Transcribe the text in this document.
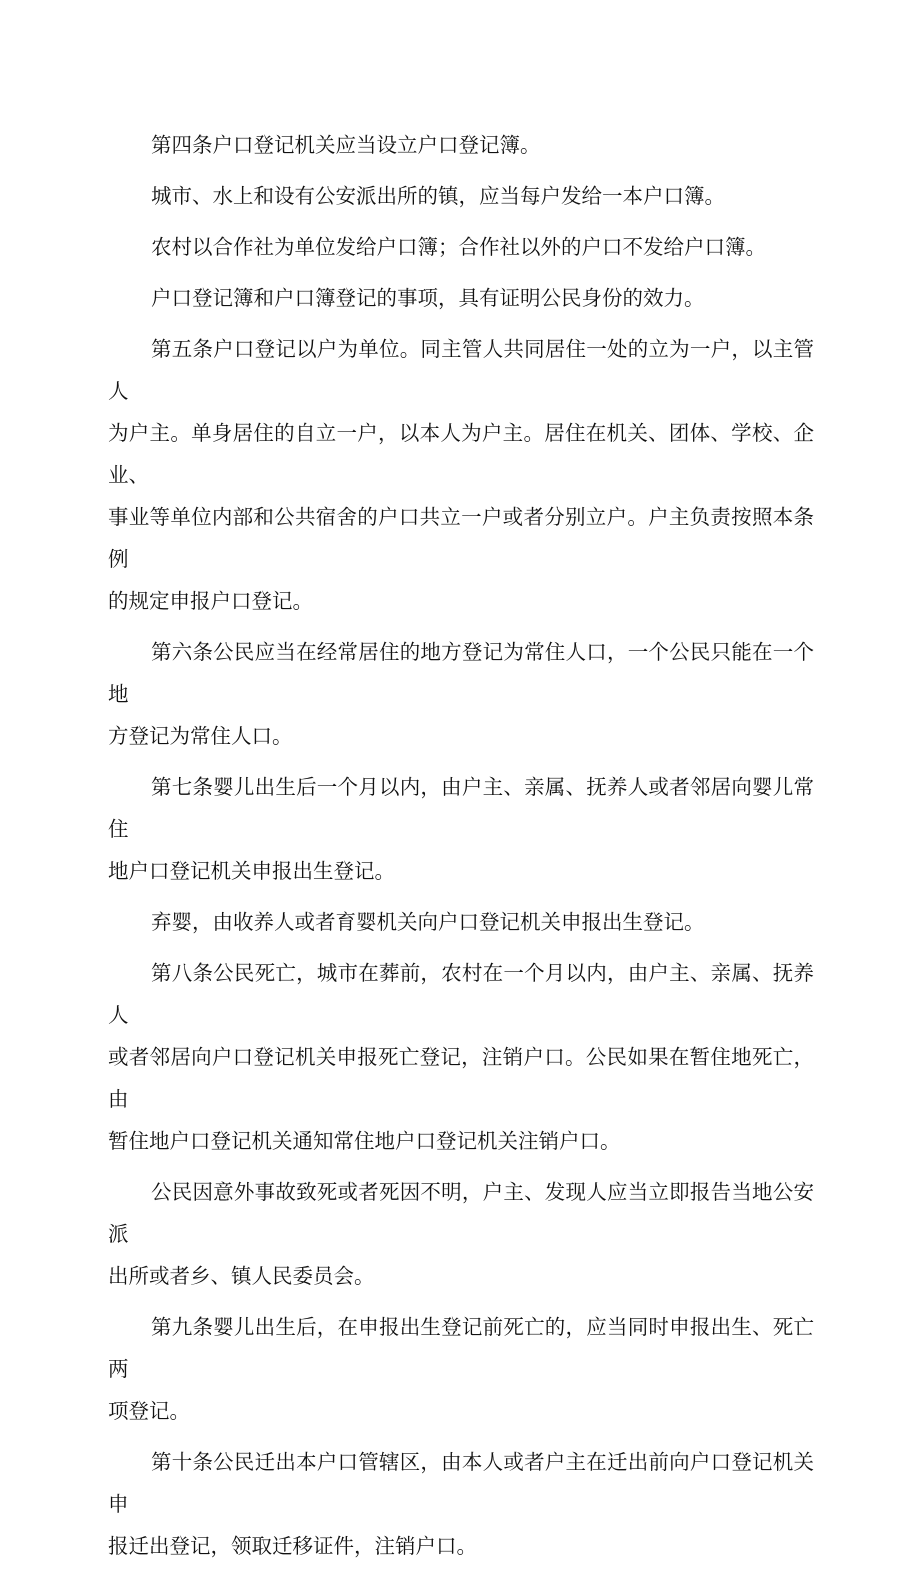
第四条户口登记机关应当设立户口登记簿。

城市、水上和设有公安派出所的镇，应当每户发给一本户口簿。

农村以合作社为单位发给户口簿；合作社以外的户口不发给户口簿。

户口登记簿和户口簿登记的事项，具有证明公民身份的效力。

第五条户口登记以户为单位。同主管人共同居住一处的立为一户，以主管人
为户主。单身居住的自立一户，以本人为户主。居住在机关、团体、学校、企业、
事业等单位内部和公共宿舍的户口共立一户或者分别立户。户主负责按照本条例
的规定申报户口登记。

第六条公民应当在经常居住的地方登记为常住人口，一个公民只能在一个地
方登记为常住人口。

第七条婴儿出生后一个月以内，由户主、亲属、抚养人或者邻居向婴儿常住
地户口登记机关申报出生登记。

弃婴，由收养人或者育婴机关向户口登记机关申报出生登记。

第八条公民死亡，城市在葬前，农村在一个月以内，由户主、亲属、抚养人
或者邻居向户口登记机关申报死亡登记，注销户口。公民如果在暂住地死亡，由
暂住地户口登记机关通知常住地户口登记机关注销户口。

公民因意外事故致死或者死因不明，户主、发现人应当立即报告当地公安派
出所或者乡、镇人民委员会。

第九条婴儿出生后，在申报出生登记前死亡的，应当同时申报出生、死亡两
项登记。

第十条公民迁出本户口管辖区，由本人或者户主在迁出前向户口登记机关申
报迁出登记，领取迁移证件，注销户口。
